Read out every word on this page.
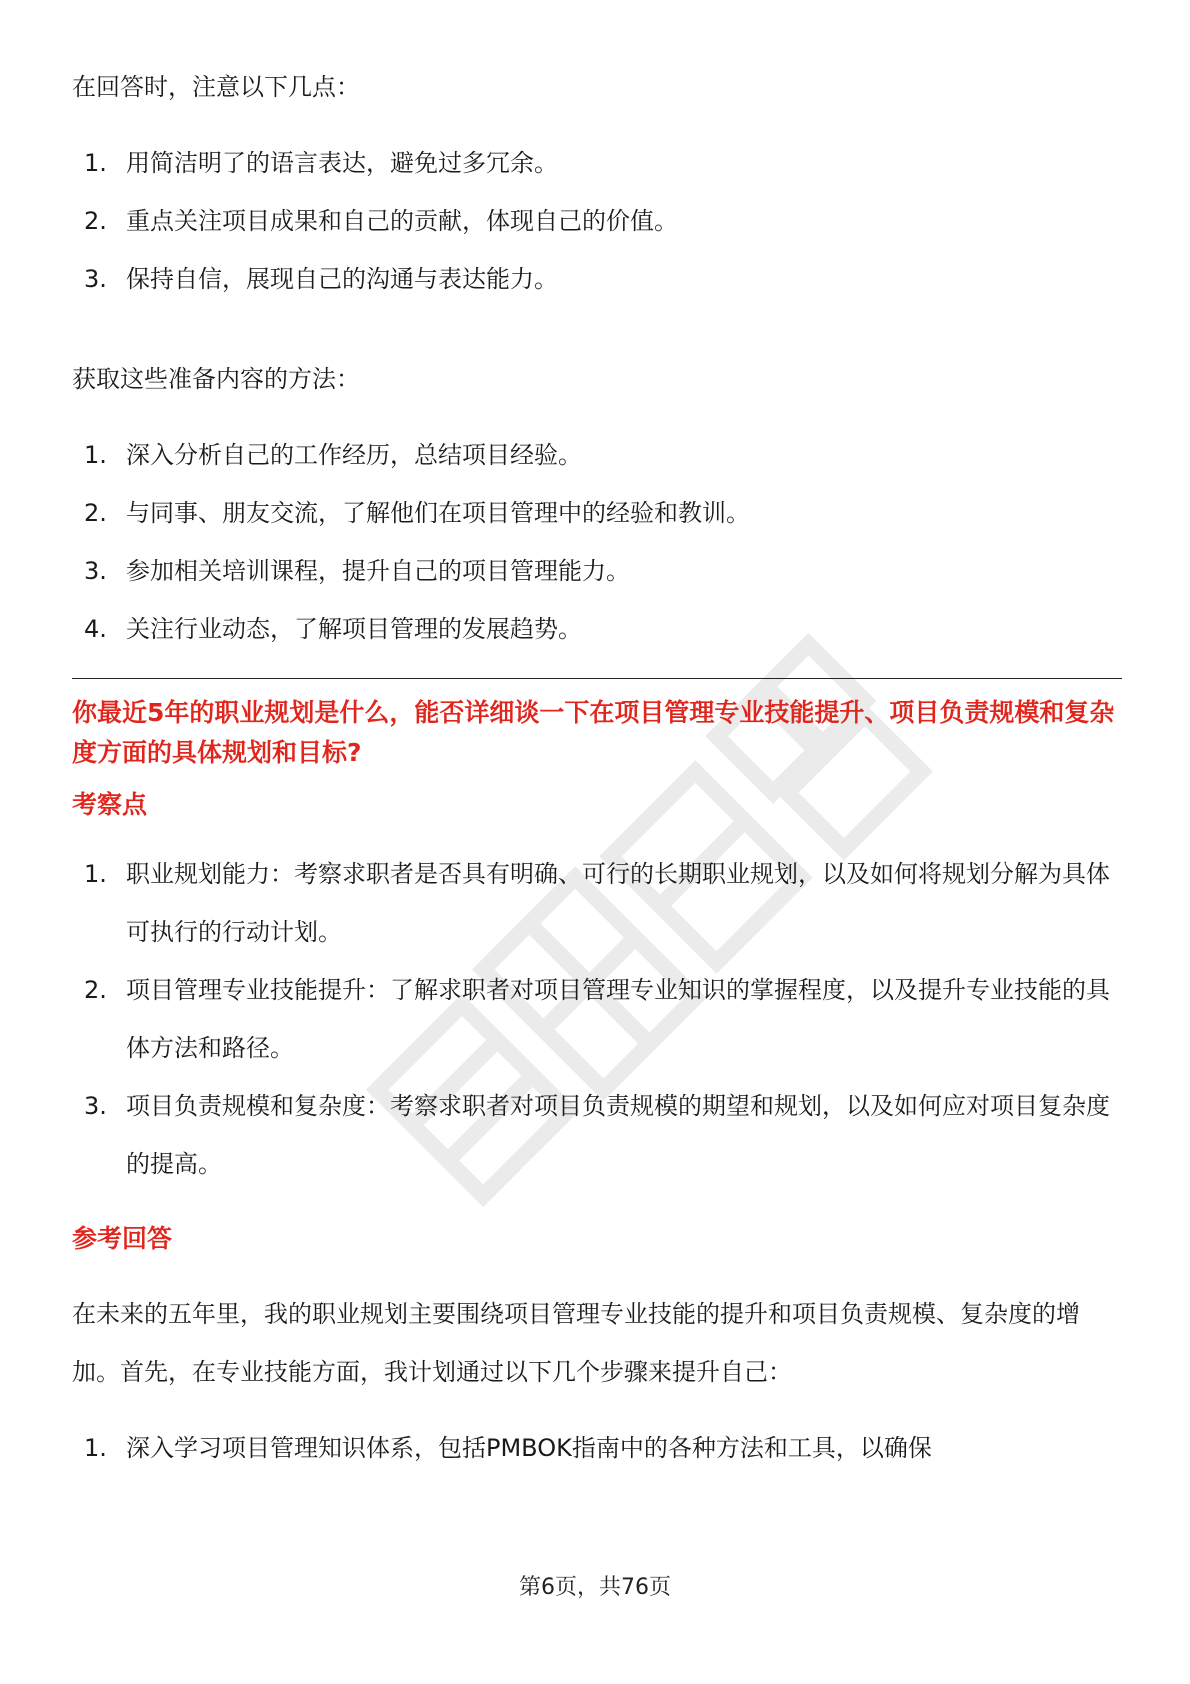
在回答时，注意以下几点：

1. 用简洁明了的语言表达，避免过多冗余。
2. 重点关注项目成果和自己的贡献，体现自己的价值。
3. 保持自信，展现自己的沟通与表达能力。

获取这些准备内容的方法：

1. 深入分析自己的工作经历，总结项目经验。
2. 与同事、朋友交流，了解他们在项目管理中的经验和教训。
3. 参加相关培训课程，提升自己的项目管理能力。
4. 关注行业动态，了解项目管理的发展趋势。
你最近5年的职业规划是什么，能否详细谈一下在项目管理专业技能提升、项目负责规模和复杂度方面的具体规划和目标?
考察点
1. 职业规划能力：考察求职者是否具有明确、可行的长期职业规划，以及如何将规划分解为具体可执行的行动计划。
2. 项目管理专业技能提升：了解求职者对项目管理专业知识的掌握程度，以及提升专业技能的具体方法和路径。
3. 项目负责规模和复杂度：考察求职者对项目负责规模的期望和规划，以及如何应对项目复杂度的提高。
参考回答

在未来的五年里，我的职业规划主要围绕项目管理专业技能的提升和项目负责规模、复杂度的增加。首先，在专业技能方面，我计划通过以下几个步骤来提升自己：

1. 深入学习项目管理知识体系，包括PMBOK指南中的各种方法和工具，以确保
第6页，共76页
